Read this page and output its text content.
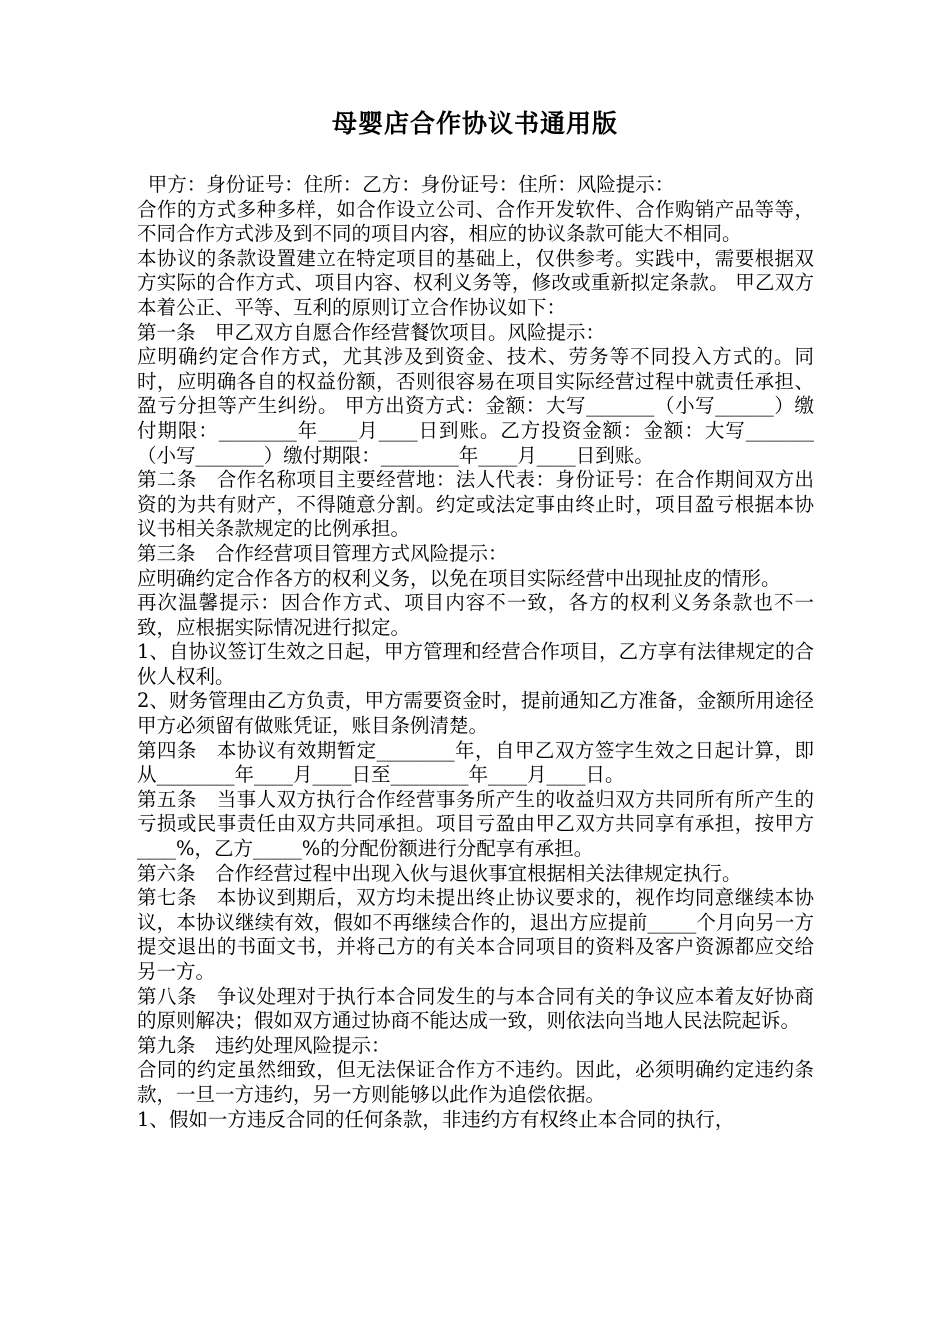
母婴店合作协议书通用版

甲方：身份证号：住所：乙方：身份证号：住所：风险提示：

合作的方式多种多样，如合作设立公司、合作开发软件、合作购销产品等等，不同合作方式涉及到不同的项目内容，相应的协议条款可能大不相同。

本协议的条款设置建立在特定项目的基础上，仅供参考。实践中，需要根据双方实际的合作方式、项目内容、权利义务等，修改或重新拟定条款。 甲乙双方本着公正、平等、互利的原则订立合作协议如下：

第一条　甲乙双方自愿合作经营餐饮项目。风险提示：

应明确约定合作方式，尤其涉及到资金、技术、劳务等不同投入方式的。同时，应明确各自的权益份额，否则很容易在项目实际经营过程中就责任承担、盈亏分担等产生纠纷。 甲方出资方式：金额：大写_______（小写______）缴付期限：________年____月____日到账。乙方投资金额：金额：大写_______（小写_______）缴付期限：________年____月____日到账。

第二条　合作名称项目主要经营地：法人代表：身份证号：在合作期间双方出资的为共有财产，不得随意分割。约定或法定事由终止时，项目盈亏根据本协议书相关条款规定的比例承担。

第三条　合作经营项目管理方式风险提示：

应明确约定合作各方的权利义务，以免在项目实际经营中出现扯皮的情形。

再次温馨提示：因合作方式、项目内容不一致，各方的权利义务条款也不一致，应根据实际情况进行拟定。

1、自协议签订生效之日起，甲方管理和经营合作项目，乙方享有法律规定的合伙人权利。

2、财务管理由乙方负责，甲方需要资金时，提前通知乙方准备，金额所用途径甲方必须留有做账凭证，账目条例清楚。

第四条　本协议有效期暂定________年，自甲乙双方签字生效之日起计算，即从________年____月____日至________年____月____日。

第五条　当事人双方执行合作经营事务所产生的收益归双方共同所有所产生的亏损或民事责任由双方共同承担。项目亏盈由甲乙双方共同享有承担，按甲方____%，乙方_____%的分配份额进行分配享有承担。

第六条　合作经营过程中出现入伙与退伙事宜根据相关法律规定执行。

第七条　本协议到期后，双方均未提出终止协议要求的，视作均同意继续本协议，本协议继续有效，假如不再继续合作的，退出方应提前_____个月向另一方提交退出的书面文书，并将己方的有关本合同项目的资料及客户资源都应交给另一方。

第八条　争议处理对于执行本合同发生的与本合同有关的争议应本着友好协商的原则解决；假如双方通过协商不能达成一致，则依法向当地人民法院起诉。

第九条　违约处理风险提示：

合同的约定虽然细致，但无法保证合作方不违约。因此，必须明确约定违约条款，一旦一方违约，另一方则能够以此作为追偿依据。

1、假如一方违反合同的任何条款，非违约方有权终止本合同的执行，
